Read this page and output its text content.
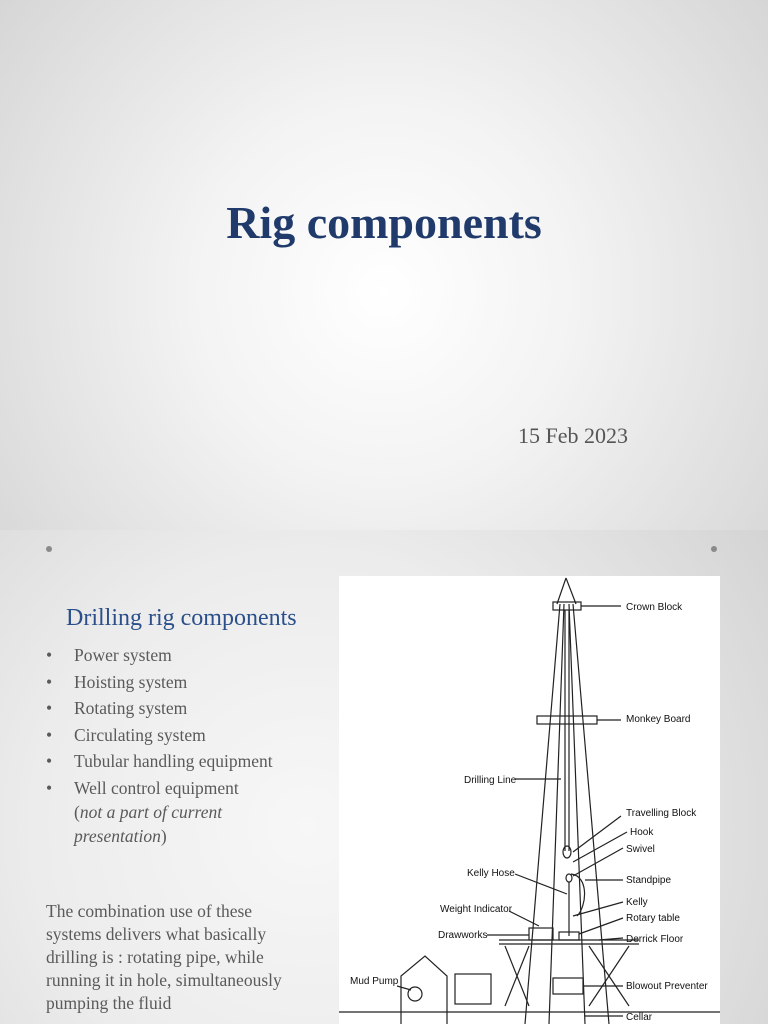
Rig components
15 Feb 2023
Drilling rig components
• Power system
• Hoisting system
• Rotating system
• Circulating system
• Tubular handling equipment
• Well control equipment
(not a part of current presentation)
The combination use of these systems delivers what basically drilling is : rotating pipe, while running it in hole, simultaneously pumping the fluid
Crown Block
Monkey Board
Drilling Line
Travelling Block
Hook
Swivel
Kelly Hose
Standpipe
Weight Indicator
Kelly
Rotary table
Drawworks	Derrick Floor
Mud Pump	Blowout Preventer
Cellar
